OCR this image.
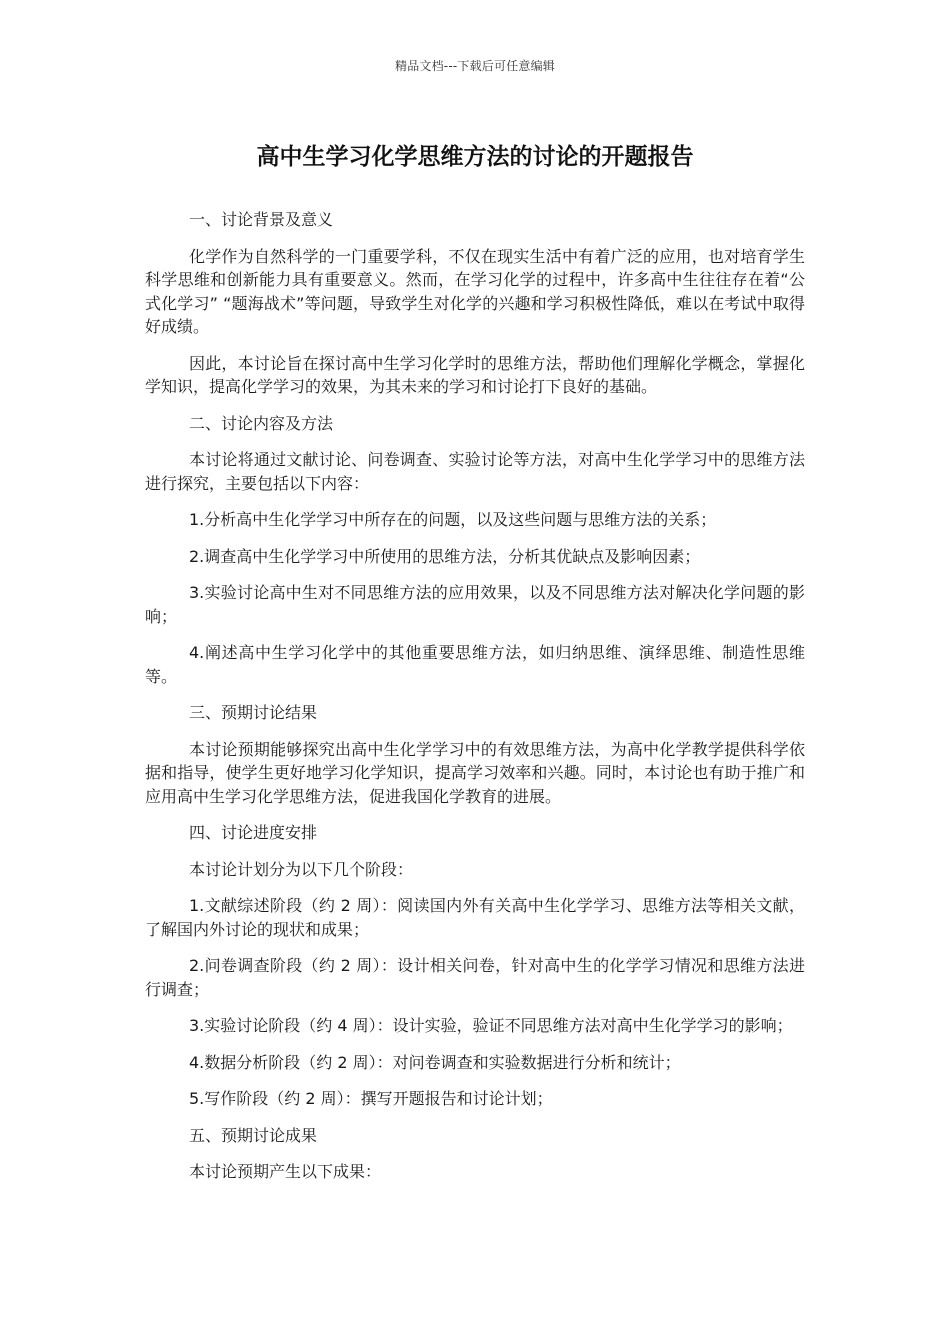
精品文档---下载后可任意编辑
高中生学习化学思维方法的讨论的开题报告

一、讨论背景及意义

化学作为自然科学的一门重要学科，不仅在现实生活中有着广泛的应用，也对培育学生科学思维和创新能力具有重要意义。然而，在学习化学的过程中，许多高中生往往存在着“公式化学习” “题海战术”等问题，导致学生对化学的兴趣和学习积极性降低，难以在考试中取得好成绩。

因此，本讨论旨在探讨高中生学习化学时的思维方法，帮助他们理解化学概念，掌握化学知识，提高化学学习的效果，为其未来的学习和讨论打下良好的基础。

二、讨论内容及方法

本讨论将通过文献讨论、问卷调查、实验讨论等方法，对高中生化学学习中的思维方法进行探究，主要包括以下内容：

1.分析高中生化学学习中所存在的问题，以及这些问题与思维方法的关系；

2.调查高中生化学学习中所使用的思维方法，分析其优缺点及影响因素；

3.实验讨论高中生对不同思维方法的应用效果，以及不同思维方法对解决化学问题的影响；

4.阐述高中生学习化学中的其他重要思维方法，如归纳思维、演绎思维、制造性思维等。

三、预期讨论结果

本讨论预期能够探究出高中生化学学习中的有效思维方法，为高中化学教学提供科学依据和指导，使学生更好地学习化学知识，提高学习效率和兴趣。同时，本讨论也有助于推广和应用高中生学习化学思维方法，促进我国化学教育的进展。

四、讨论进度安排

本讨论计划分为以下几个阶段：

1.文献综述阶段（约 2 周）：阅读国内外有关高中生化学学习、思维方法等相关文献，了解国内外讨论的现状和成果；

2.问卷调查阶段（约 2 周）：设计相关问卷，针对高中生的化学学习情况和思维方法进行调查；

3.实验讨论阶段（约 4 周）：设计实验，验证不同思维方法对高中生化学学习的影响；

4.数据分析阶段（约 2 周）：对问卷调查和实验数据进行分析和统计；

5.写作阶段（约 2 周）：撰写开题报告和讨论计划；

五、预期讨论成果

本讨论预期产生以下成果：
